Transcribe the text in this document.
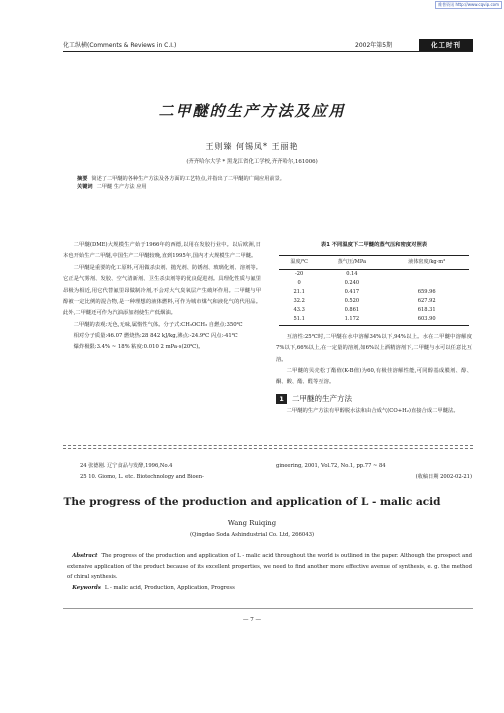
维普资讯 http://www.cqvip.com
化工纵横(Comments & Reviews in C.I.)	2002年第5期	化工时刊
二甲醚的生产方法及应用
王则臻 何锡凤* 王丽艳
(齐齐哈尔大学 * 黑龙江省化工学校,齐齐哈尔,161006)
摘要 简述了二甲醚的各种生产方法及各方面的工艺特点,并指出了二甲醚的广阔应用前景。
关键词 二甲醚 生产方法 应用

二甲醚(DME)大规模生产始于1966年的西德,以用在发胶行业中。以后欧洲,日本也开始生产二甲醚,中国生产二甲醚较晚,直到1995年,国内才大规模生产二甲醚。

二甲醚是重要的化工原料,可用做杀虫剂、抛光剂、防锈剂、玻璃化剂、溶剂等。它正是气雾剂、发胶、空气清新剂、卫生杀虫剂等的优良促进剂。具理化性质与氟里昂极为相近,用它代替氟里昂做制冷剂,不会对大气臭氧层产生破坏作用。二甲醚与甲醇被一定比例的混合物,是一种理想的液体燃料,可作为城市煤气和液化气的代用品。此外,二甲醚还可作为汽油添加剂使生产低烟油。

二甲醚的表观:无色,无味,属惰性气体。分子式:CH₃OCH₃ 自燃点:350℃

相对分子质量:46.07 燃烧热:28 842 kJ/kg,沸点:-24.9℃ 闪点:-41℃

爆炸极限:3.4% ~ 18% 粘度:0.010 2 mPa·s(20℃)。

表1 不同温度下二甲醚的蒸气压和密度对照表
温度/℃	蒸气压/MPa	液体密度/kg·m³
-20	0.14	
0	0.240	
21.1	0.417	659.96
32.2	0.520	627.92
43.3	0.861	618.31
51.1	1.172	603.90

互溶性:25℃时,二甲醚在水中溶解34%以下,94%以上。水在二甲醚中溶解度7%以下,66%以上,在一定量的溶剂,如6%以上酒精溶剂下,二甲醚与水可以任意比互溶。

二甲醚的贝壳松丁酯值(K-B值)为60,有极佳溶解性能,可同醇基成膜剂、醇、酮、酸、酯、醛等互溶。

1	二甲醚的生产方法

二甲醚的生产方法有甲醇脱水法和由合成气(CO+H₂)直接合成二甲醚法。

24 张德刚. 辽宁食品与发酵,1996,No.4
25 10. Giomo, L. etc. Biotechnology and Bioen-
gineering, 2001, Vol.72, No.1, pp.77 ~ 84
(收稿日期 2002-02-21)
The progress of the production and application of L - malic acid
Wang Ruiqing
(Qingdao Soda Ashindustrial Co. Ltd, 266043)

Abstract The progress of the production and application of L - malic acid throughout the world is outlined in the paper. Although the prospect and extensive application of the product because of its excellent properties, we need to find another more effective avenue of synthesis, e. g. the method of chiral synthesis.

Keywords L - malic acid, Production, Application, Progress

— 7 —
